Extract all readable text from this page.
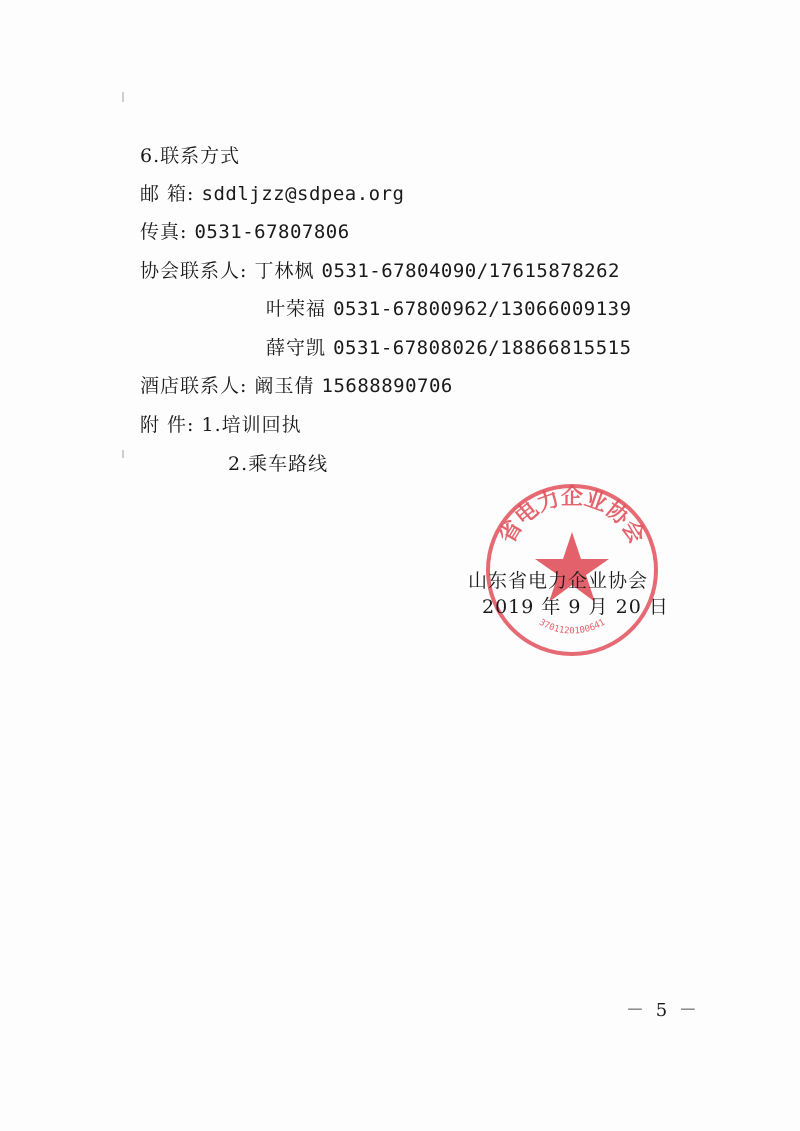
6.联系方式
邮 箱: sddljzz@sdpea.org
传真: 0531-67807806
协会联系人: 丁林枫 0531-67804090/17615878262
叶荣福 0531-67800962/13066009139
薛守凯 0531-67808026/18866815515
酒店联系人: 阚玉倩 15688890706
附 件: 1.培训回执
2.乘车路线
省电力企业协会
3701120100641
山东省电力企业协会
2019 年 9 月 20 日
－ 5 －
